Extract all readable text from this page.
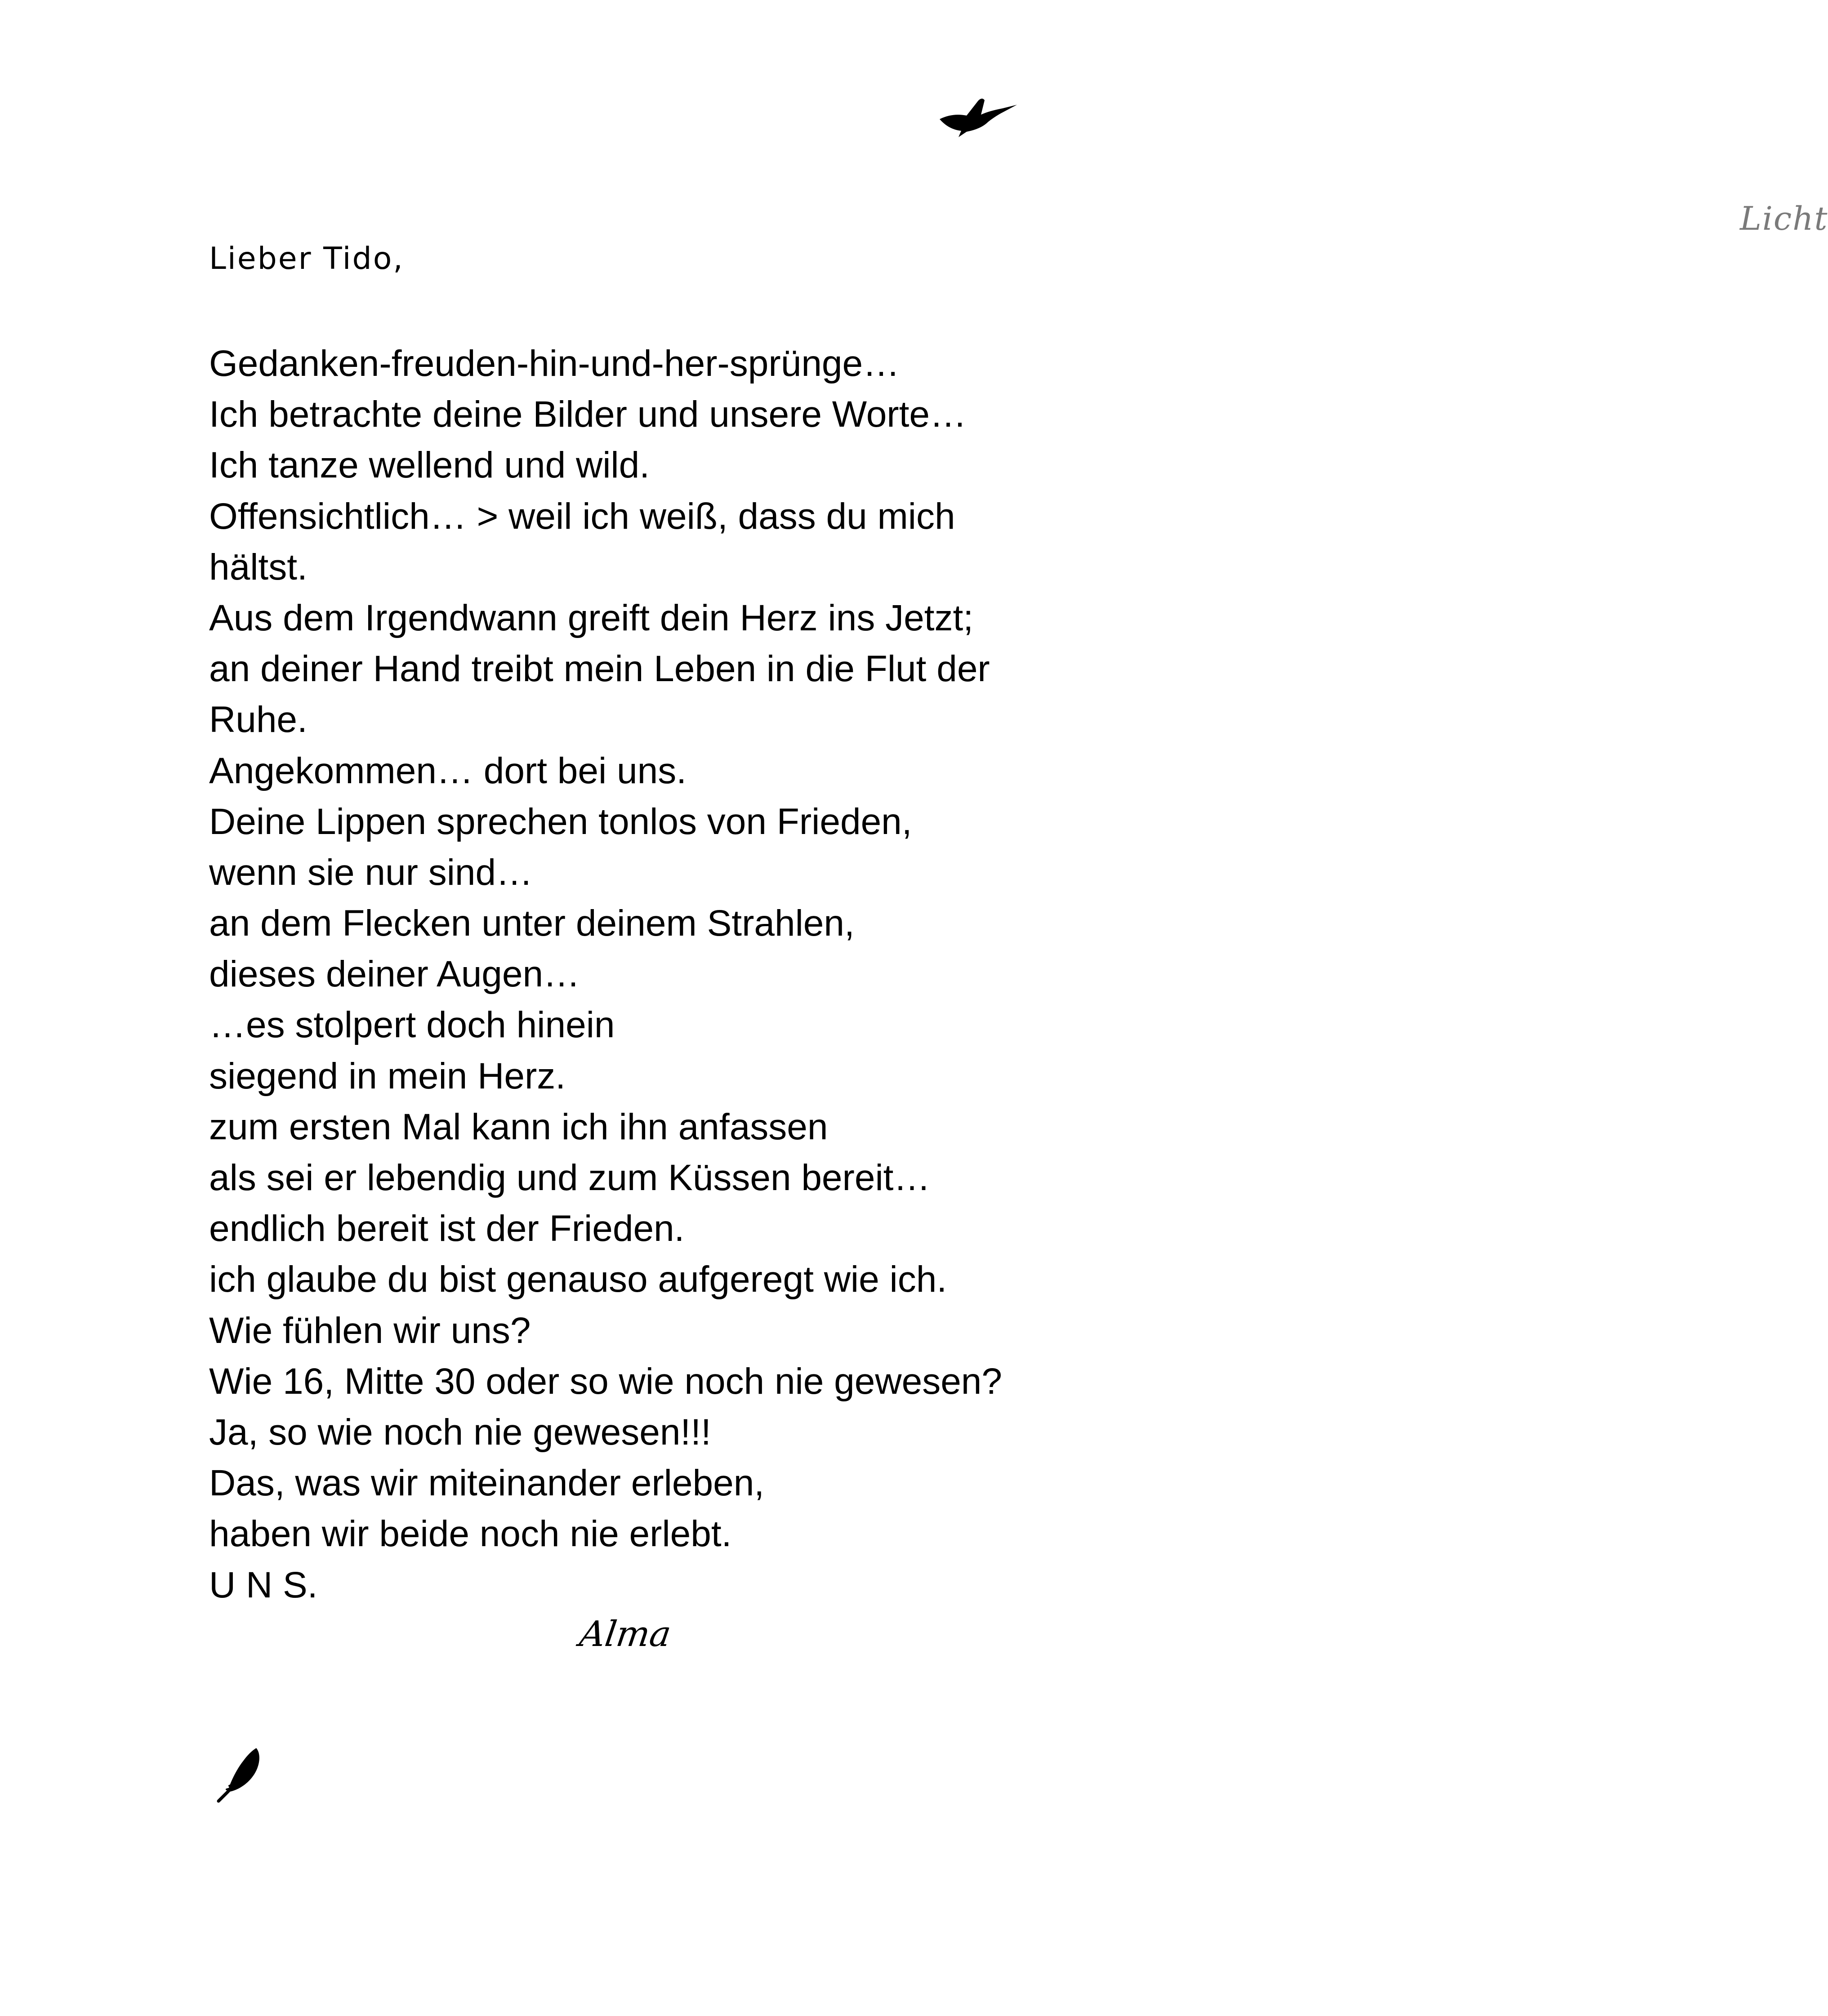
Licht
Lieber Tido,
Gedanken-freuden-hin-und-her-sprünge…
Ich betrachte deine Bilder und unsere Worte…
Ich tanze wellend und wild.
Offensichtlich… > weil ich weiß, dass du mich
hältst.
Aus dem Irgendwann greift dein Herz ins Jetzt;
an deiner Hand treibt mein Leben in die Flut der
Ruhe.
Angekommen… dort bei uns.
Deine Lippen sprechen tonlos von Frieden,
wenn sie nur sind…
an dem Flecken unter deinem Strahlen,
dieses deiner Augen…
…es stolpert doch hinein
siegend in mein Herz.
zum ersten Mal kann ich ihn anfassen
als sei er lebendig und zum Küssen bereit…
endlich bereit ist der Frieden.
ich glaube du bist genauso aufgeregt wie ich.
Wie fühlen wir uns?
Wie 16, Mitte 30 oder so wie noch nie gewesen?
Ja, so wie noch nie gewesen!!!
Das, was wir miteinander erleben,
haben wir beide noch nie erlebt.
U N S.
Alma
